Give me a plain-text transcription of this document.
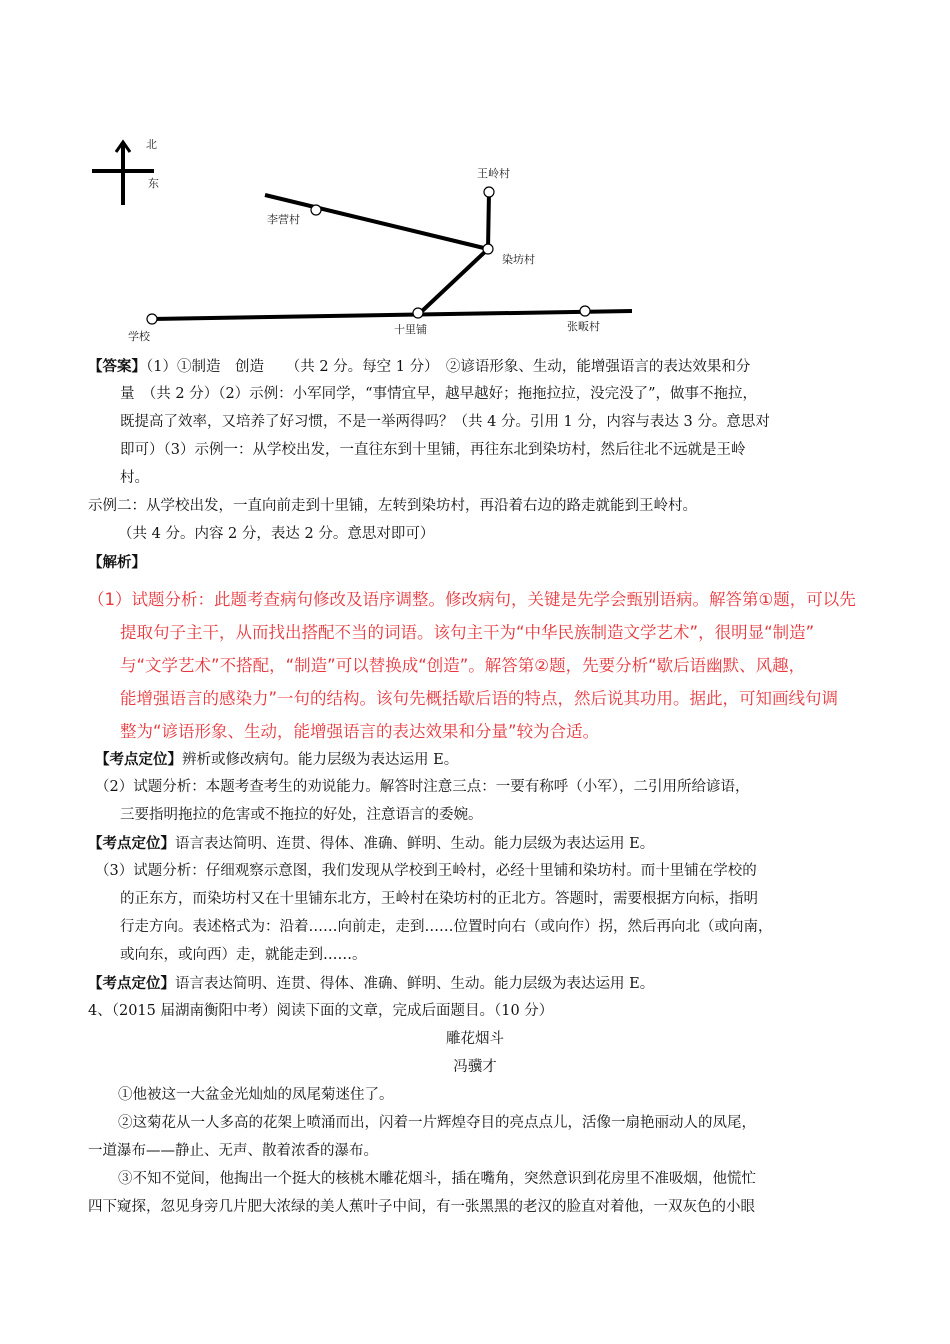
北
东
王岭村
李营村
染坊村
学校
十里铺	张畈村
【答案】（1）①制造　创造　　（共 2 分。每空 1 分）　②谚语形象、生动，能增强语言的表达效果和分
量　（共 2 分）（2）示例：小军同学，“事情宜早，越早越好；拖拖拉拉，没完没了”，做事不拖拉，
既提高了效率，又培养了好习惯，不是一举两得吗？（共 4 分。引用 1 分，内容与表达 3 分。意思对
即可）（3）示例一：从学校出发，一直往东到十里铺，再往东北到染坊村，然后往北不远就是王岭
村。
示例二：从学校出发，一直向前走到十里铺，左转到染坊村，再沿着右边的路走就能到王岭村。
（共 4 分。内容 2 分，表达 2 分。意思对即可）
【解析】
（1）试题分析：此题考查病句修改及语序调整。修改病句，关键是先学会甄别语病。解答第①题，可以先
提取句子主干，从而找出搭配不当的词语。该句主干为“中华民族制造文学艺术”，很明显“制造”
与“文学艺术”不搭配，“制造”可以替换成“创造”。解答第②题，先要分析“歇后语幽默、风趣，
能增强语言的感染力”一句的结构。该句先概括歇后语的特点，然后说其功用。据此，可知画线句调
整为“谚语形象、生动，能增强语言的表达效果和分量”较为合适。
【考点定位】辨析或修改病句。能力层级为表达运用 E。
（2）试题分析：本题考查考生的劝说能力。解答时注意三点：一要有称呼（小军），二引用所给谚语，
三要指明拖拉的危害或不拖拉的好处，注意语言的委婉。
【考点定位】语言表达简明、连贯、得体、准确、鲜明、生动。能力层级为表达运用 E。
（3）试题分析：仔细观察示意图，我们发现从学校到王岭村，必经十里铺和染坊村。而十里铺在学校的
的正东方，而染坊村又在十里铺东北方，王岭村在染坊村的正北方。答题时，需要根据方向标，指明
行走方向。表述格式为：沿着……向前走，走到……位置时向右（或向作）拐，然后再向北（或向南，
或向东，或向西）走，就能走到……。
【考点定位】语言表达简明、连贯、得体、准确、鲜明、生动。能力层级为表达运用 E。
4、（2015 届湖南衡阳中考）阅读下面的文章，完成后面题目。（10 分）
雕花烟斗
冯骥才
①他被这一大盆金光灿灿的凤尾菊迷住了。
②这菊花从一人多高的花架上喷涌而出，闪着一片辉煌夺目的亮点点儿，活像一扇艳丽动人的凤尾，
一道瀑布——静止、无声、散着浓香的瀑布。
③不知不觉间，他掏出一个挺大的核桃木雕花烟斗，插在嘴角，突然意识到花房里不准吸烟，他慌忙
四下窥探，忽见身旁几片肥大浓绿的美人蕉叶子中间，有一张黑黑的老汉的脸直对着他，一双灰色的小眼
